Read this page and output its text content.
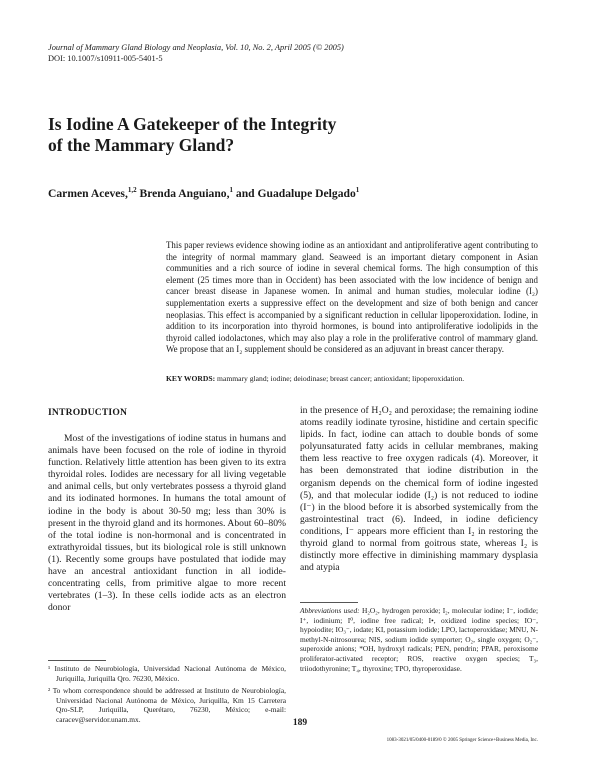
Journal of Mammary Gland Biology and Neoplasia, Vol. 10, No. 2, April 2005 (© 2005)
DOI: 10.1007/s10911-005-5401-5
Is Iodine A Gatekeeper of the Integrity
of the Mammary Gland?
Carmen Aceves,$^{1,2}$ Brenda Anguiano,$^1$ and Guadalupe Delgado$^1$

This paper reviews evidence showing iodine as an antioxidant and antiproliferative agent contributing to the integrity of normal mammary gland. Seaweed is an important dietary component in Asian communities and a rich source of iodine in several chemical forms. The high consumption of this element (25 times more than in Occident) has been associated with the low incidence of benign and cancer breast disease in Japanese women. In animal and human studies, molecular iodine (I₂) supplementation exerts a suppressive effect on the development and size of both benign and cancer neoplasias. This effect is accompanied by a significant reduction in cellular lipoperoxidation. Iodine, in addition to its incorporation into thyroid hormones, is bound into antiproliferative iodolipids in the thyroid called iodolactones, which may also play a role in the proliferative control of mammary gland. We propose that an I₂ supplement should be considered as an adjuvant in breast cancer therapy.

KEY WORDS: mammary gland; iodine; deiodinase; breast cancer; antioxidant; lipoperoxidation.
INTRODUCTION

Most of the investigations of iodine status in humans and animals have been focused on the role of iodine in thyroid function. Relatively little attention has been given to its extra thyroidal roles. Iodides are necessary for all living vegetable and animal cells, but only vertebrates possess a thyroid gland and its iodinated hormones. In humans the total amount of iodine in the body is about 30-50 mg; less than 30% is present in the thyroid gland and its hormones. About 60–80% of the total iodine is non-hormonal and is concentrated in extrathyroidal tissues, but its biological role is still unknown (1). Recently some groups have postulated that iodide may have an ancestral antioxidant function in all iodide-concentrating cells, from primitive algae to more recent vertebrates (1–3). In these cells iodide acts as an electron donor

in the presence of H₂O₂ and peroxidase; the remaining iodine atoms readily iodinate tyrosine, histidine and certain specific lipids. In fact, iodine can attach to double bonds of some polyunsaturated fatty acids in cellular membranes, making them less reactive to free oxygen radicals (4). Moreover, it has been demonstrated that iodine distribution in the organism depends on the chemical form of iodine ingested (5), and that molecular iodide (I₂) is not reduced to iodine (I⁻) in the blood before it is absorbed systemically from the gastrointestinal tract (6). Indeed, in iodine deficiency conditions, I⁻ appears more efficient than I₂ in restoring the thyroid gland to normal from goitrous state, whereas I₂ is distinctly more effective in diminishing mammary dysplasia and atypia

¹ Instituto de Neurobiología, Universidad Nacional Autónoma de México, Juriquilla, Juriquilla Qro. 76230, México.

² To whom correspondence should be addressed at Instituto de Neurobiología, Universidad Nacional Autónoma de México, Juriquilla, Km 15 Carretera Qro-SLP, Juriquilla, Querétaro, 76230, México; e-mail: caracev@servidor.unam.mx.

Abbreviations used: H₂O₂, hydrogen peroxide; I₂, molecular iodine; I⁻, iodide; I⁺, iodinium; I⁰, iodine free radical; I•, oxidized iodine species; IO⁻, hypoiodite; IO₃⁻, iodate; KI, potassium iodide; LPO, lactoperoxidase; MNU, N-methyl-N-nitrosourea; NIS, sodium iodide symporter; O₂, single oxygen; O₂⁻, superoxide anions; *OH, hydroxyl radicals; PEN, pendrin; PPAR, peroxisome proliferator-activated receptor; ROS, reactive oxygen species; T₃, triiodothyronine; T₄, thyroxine; TPO, thyroperoxidase.

189
1083-3021/05/0400-0189/0 © 2005 Springer Science+Business Media, Inc.
